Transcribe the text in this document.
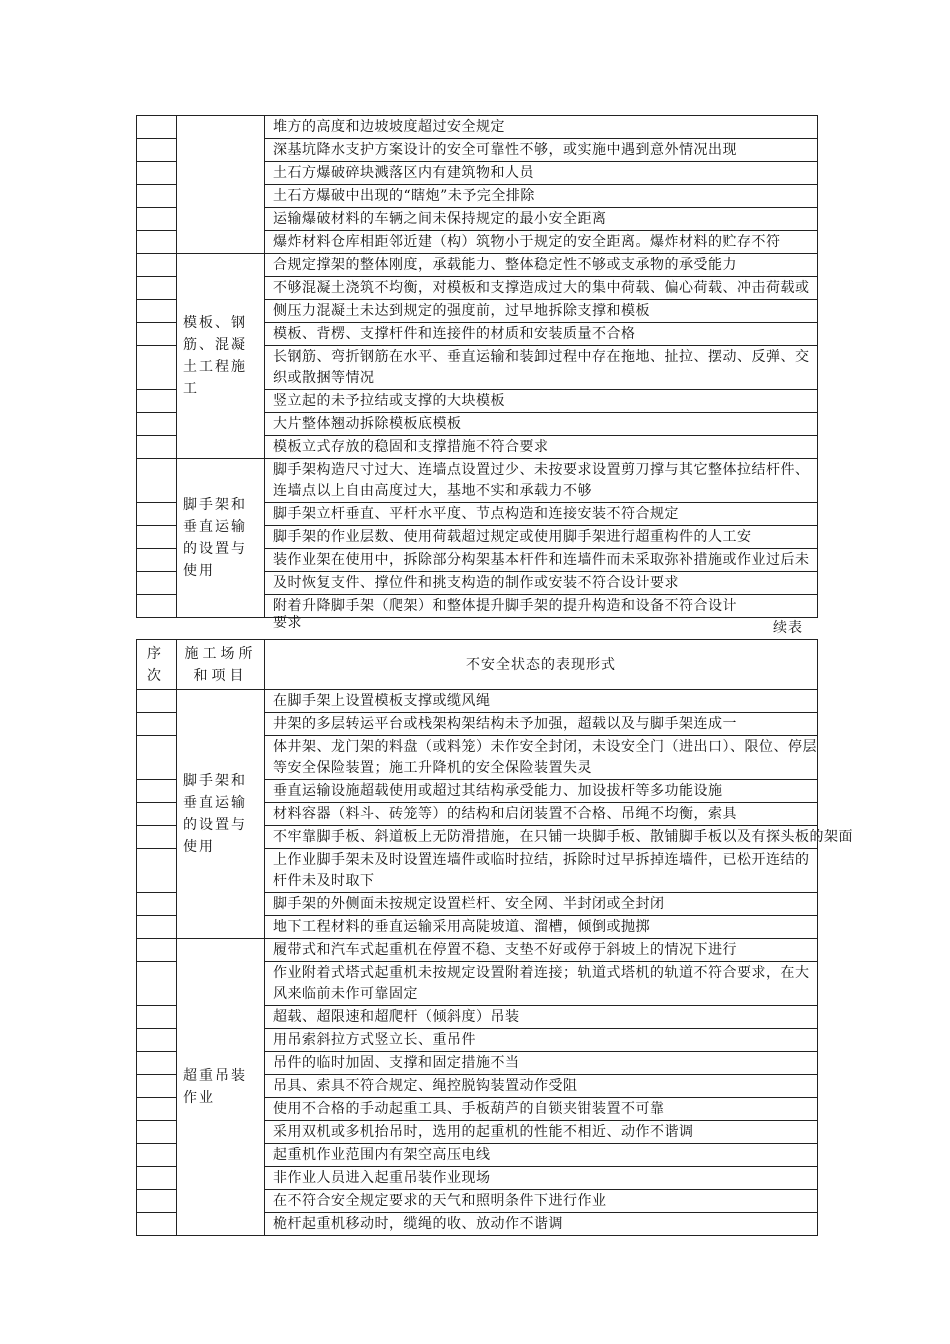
		堆方的高度和边坡坡度超过安全规定
		深基坑降水支护方案设计的安全可靠性不够，或实施中遇到意外情况出现
		土石方爆破碎块溅落区内有建筑物和人员
		土石方爆破中出现的“瞎炮”未予完全排除
		运输爆破材料的车辆之间未保持规定的最小安全距离
		爆炸材料仓库相距邻近建（构）筑物小于规定的安全距离。爆炸材料的贮存不符
	模板、钢筋、混凝土工程施工	合规定撑架的整体刚度，承载能力、整体稳定性不够或支承物的承受能力
		不够混凝土浇筑不均衡，对模板和支撑造成过大的集中荷载、偏心荷载、冲击荷载或
		侧压力混凝土未达到规定的强度前，过早地拆除支撑和模板
		模板、背楞、支撑杆件和连接件的材质和安装质量不合格
		长钢筋、弯折钢筋在水平、垂直运输和装卸过程中存在拖地、扯拉、摆动、反弹、交织或散捆等情况
		竖立起的未予拉结或支撑的大块模板
		大片整体翘动拆除模板底模板
		模板立式存放的稳固和支撑措施不符合要求
	脚手架和垂直运输的设置与使用	脚手架构造尺寸过大、连墙点设置过少、未按要求设置剪刀撑与其它整体拉结杆件、连墙点以上自由高度过大，基地不实和承载力不够
		脚手架立杆垂直、平杆水平度、节点构造和连接安装不符合规定
		脚手架的作业层数、使用荷载超过规定或使用脚手架进行超重构件的人工安
		装作业架在使用中，拆除部分构架基本杆件和连墙件而未采取弥补措施或作业过后未
		及时恢复支件、撑位件和挑支构造的制作或安装不符合设计要求
		附着升降脚手架（爬架）和整体提升脚手架的提升构造和设备不符合设计
要求	续表
序次	施工场所和项目	不安全状态的表现形式
	脚手架和垂直运输的设置与使用	在脚手架上设置模板支撑或缆风绳
		井架的多层转运平台或栈架构架结构未予加强，超载以及与脚手架连成一
		体井架、龙门架的料盘（或料笼）未作安全封闭，未设安全门（进出口）、限位、停层等安全保险装置；施工升降机的安全保险装置失灵
		垂直运输设施超载使用或超过其结构承受能力、加设拔杆等多功能设施
		材料容器（料斗、砖笼等）的结构和启闭装置不合格、吊绳不均衡，索具
		不牢靠脚手板、斜道板上无防滑措施，在只铺一块脚手板、散铺脚手板以及有探头板的架面
		上作业脚手架未及时设置连墙件或临时拉结，拆除时过早拆掉连墙件，已松开连结的杆件未及时取下
		脚手架的外侧面未按规定设置栏杆、安全网、半封闭或全封闭
		地下工程材料的垂直运输采用高陡坡道、溜槽，倾倒或抛掷
	超重吊装作业	履带式和汽车式起重机在停置不稳、支垫不好或停于斜坡上的情况下进行
		作业附着式塔式起重机未按规定设置附着连接；轨道式塔机的轨道不符合要求，在大风来临前未作可靠固定
		超载、超限速和超爬杆（倾斜度）吊装
		用吊索斜拉方式竖立长、重吊件
		吊件的临时加固、支撑和固定措施不当
		吊具、索具不符合规定、绳控脱钩装置动作受阻
		使用不合格的手动起重工具、手板葫芦的自锁夹钳装置不可靠
		采用双机或多机抬吊时，选用的起重机的性能不相近、动作不谐调
		起重机作业范围内有架空高压电线
		非作业人员进入起重吊装作业现场
		在不符合安全规定要求的天气和照明条件下进行作业
		桅杆起重机移动时，缆绳的收、放动作不谐调
